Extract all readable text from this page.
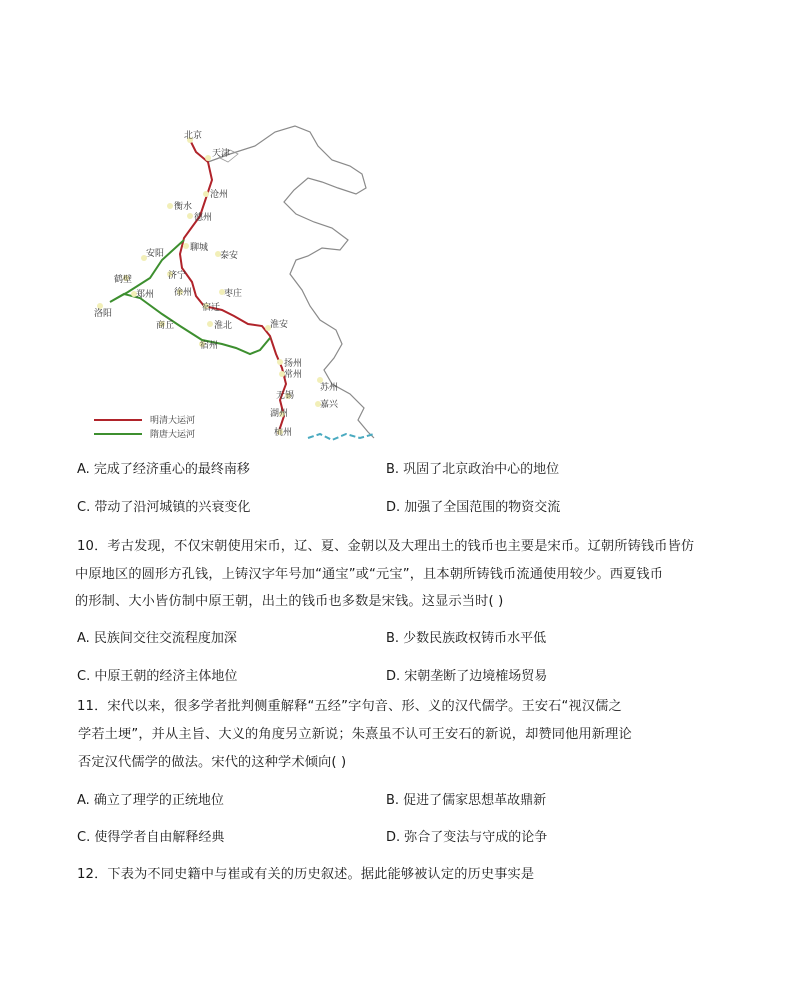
北京
天津
沧州
衡水
德州
聊城
泰安
安阳
鹤壁	济宁
徐州	枣庄
郑州
洛阳
宿迁
商丘	淮北
宿州
淮安
扬州
常州
苏州
无锡
嘉兴
湖州
杭州
明清大运河
隋唐大运河
A. 完成了经济重心的最终南移	B. 巩固了北京政治中心的地位
C. 带动了沿河城镇的兴衰变化	D. 加强了全国范围的物资交流
10．考古发现，不仅宋朝使用宋币，辽、夏、金朝以及大理出土的钱币也主要是宋币。辽朝所铸钱币皆仿
中原地区的圆形方孔钱，上铸汉字年号加“通宝”或“元宝”，且本朝所铸钱币流通使用较少。西夏钱币
的形制、大小皆仿制中原王朝，出土的钱币也多数是宋钱。这显示当时( )
A. 民族间交往交流程度加深	B. 少数民族政权铸币水平低
C. 中原王朝的经济主体地位	D. 宋朝垄断了边境榷场贸易
11．宋代以来，很多学者批判侧重解释“五经”字句音、形、义的汉代儒学。王安石“视汉儒之
学若土埂”，并从主旨、大义的角度另立新说；朱熹虽不认可王安石的新说，却赞同他用新理论
否定汉代儒学的做法。宋代的这种学术倾向( )
A. 确立了理学的正统地位	B. 促进了儒家思想革故鼎新
C. 使得学者自由解释经典	D. 弥合了变法与守成的论争
12．下表为不同史籍中与崔或有关的历史叙述。据此能够被认定的历史事实是
